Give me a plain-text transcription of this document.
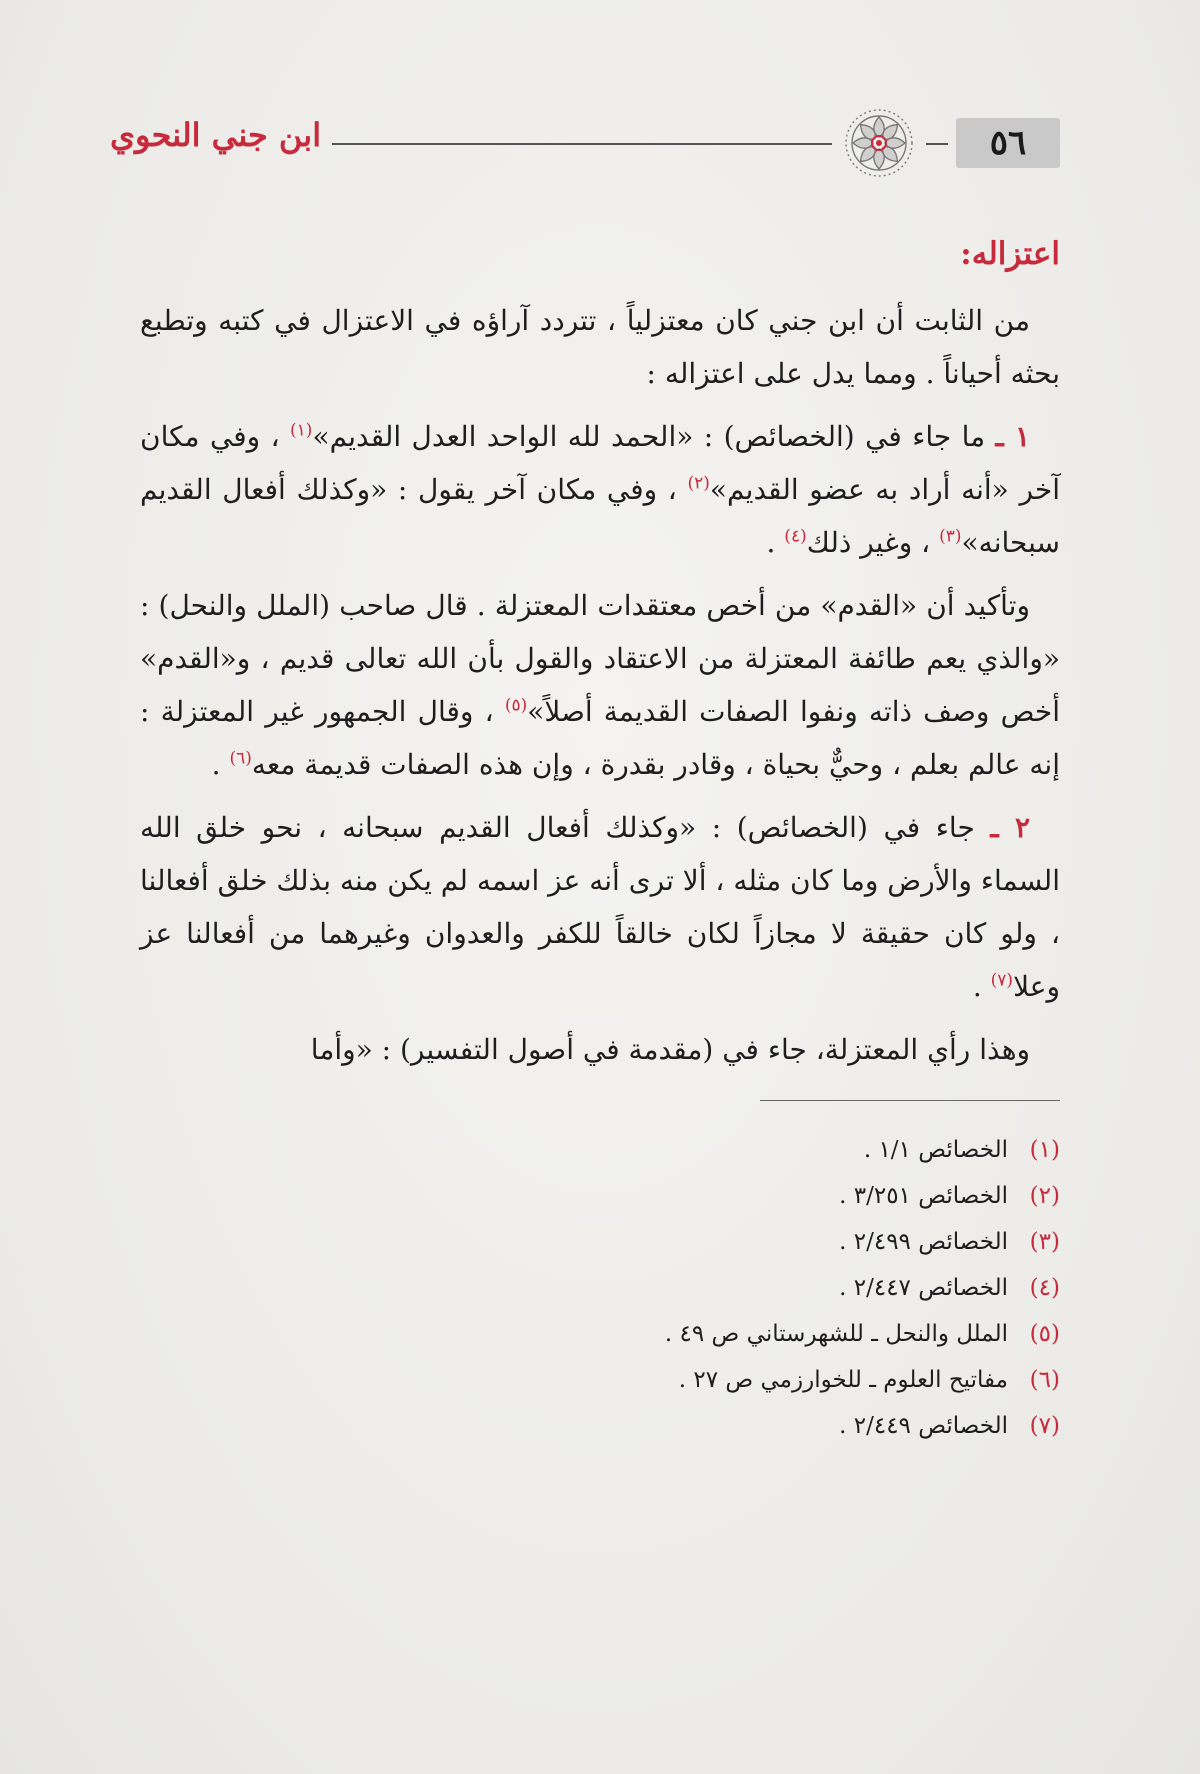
٥٦
ابن جني النحوي
اعتزاله:

من الثابت أن ابن جني كان معتزلياً ، تتردد آراؤه في الاعتزال في كتبه وتطبع بحثه أحياناً . ومما يدل على اعتزاله :

١ ـ ما جاء في (الخصائص) : «الحمد لله الواحد العدل القديم»$^{(١)}$ ، وفي مكان آخر «أنه أراد به عضو القديم»$^{(٢)}$ ، وفي مكان آخر يقول : «وكذلك أفعال القديم سبحانه»$^{(٣)}$ ، وغير ذلك$^{(٤)}$ .

وتأكيد أن «القدم» من أخص معتقدات المعتزلة . قال صاحب (الملل والنحل) : «والذي يعم طائفة المعتزلة من الاعتقاد والقول بأن الله تعالى قديم ، و«القدم» أخص وصف ذاته ونفوا الصفات القديمة أصلاً»$^{(٥)}$ ، وقال الجمهور غير المعتزلة : إنه عالم بعلم ، وحيٌّ بحياة ، وقادر بقدرة ، وإن هذه الصفات قديمة معه$^{(٦)}$ .

٢ ـ جاء في (الخصائص) : «وكذلك أفعال القديم سبحانه ، نحو خلق الله السماء والأرض وما كان مثله ، ألا ترى أنه عز اسمه لم يكن منه بذلك خلق أفعالنا ، ولو كان حقيقة لا مجازاً لكان خالقاً للكفر والعدوان وغيرهما من أفعالنا عز وعلا$^{(٧)}$ .

وهذا رأي المعتزلة، جاء في (مقدمة في أصول التفسير) : «وأما

(١)
الخصائص ١/١ .
(٢)
الخصائص ٣/٢٥١ .
(٣)
الخصائص ٢/٤٩٩ .
(٤)
الخصائص ٢/٤٤٧ .
(٥)
الملل والنحل ـ للشهرستاني ص ٤٩ .
(٦)
مفاتيح العلوم ـ للخوارزمي ص ٢٧ .
(٧)
الخصائص ٢/٤٤٩ .
